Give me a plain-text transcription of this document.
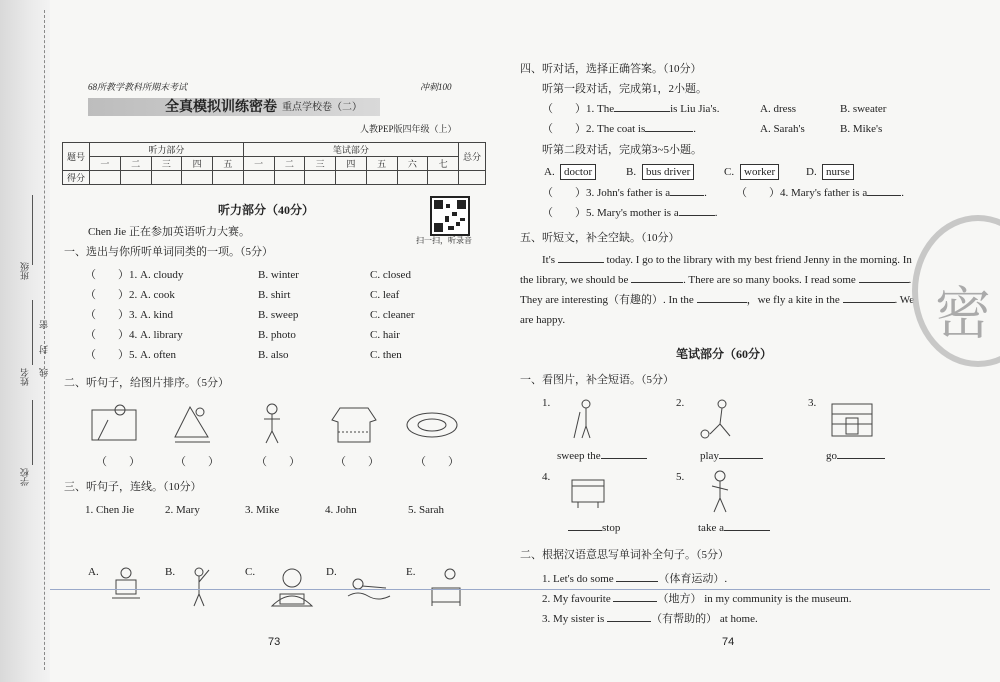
班级
姓名
学校
密
封
线
68所教学教科所期末考试	冲刺100
全真模拟训练密卷 重点学校卷（二）
人教PEP版四年级（上）
题号	听力部分					笔试部分							总分
	一	二	三	四	五	一	二	三	四	五	六	七	
得分													
听力部分（40分）
扫一扫，听录音
Chen Jie 正在参加英语听力大赛。
一、选出与你所听单词同类的一项。（5分）
（　　）1. A. cloudy	B. winter	C. closed
（　　）2. A. cook	B. shirt	C. leaf
（　　）3. A. kind	B. sweep	C. cleaner
（　　）4. A. library	B. photo	C. hair
（　　）5. A. often	B. also	C. then
二、听句子，给图片排序。（5分）
（　　）	（　　）	（　　）	（　　）	（　　）
三、听句子，连线。（10分）
1. Chen Jie	2. Mary	3. Mike	4. John	5. Sarah
A.	B.	C.	D.	E.
73
四、听对话，选择正确答案。（10分）
听第一段对话，完成第1，2小题。
（　　）1. The	is Liu Jia's.	A. dress	B. sweater
（　　）2. The coat is	.	A. Sarah's	B. Mike's
听第二段对话，完成第3~5小题。
A. doctor	B. bus driver	C. worker	D. nurse
（　　）3. John's father is a	.	（　　）4. Mary's father is a	.
（　　）5. Mary's mother is a	.
五、听短文，补全空缺。（10分）
It's	today. I go to the library with my best friend Jenny in the morning. In
the library, we should be	. There are so many books. I read some	.
They are interesting（有趣的）. In the	，we fly a kite in the	. We
are happy.
笔试部分（60分）
一、看图片，补全短语。（5分）
1.	2.	3.
sweep the	play	go
4.	5.
stop	take a
二、根据汉语意思写单词补全句子。（5分）
1. Let's do some	（体育运动）.
2. My favourite	（地方） in my community is the museum.
3. My sister is	（有帮助的） at home.
74
密
